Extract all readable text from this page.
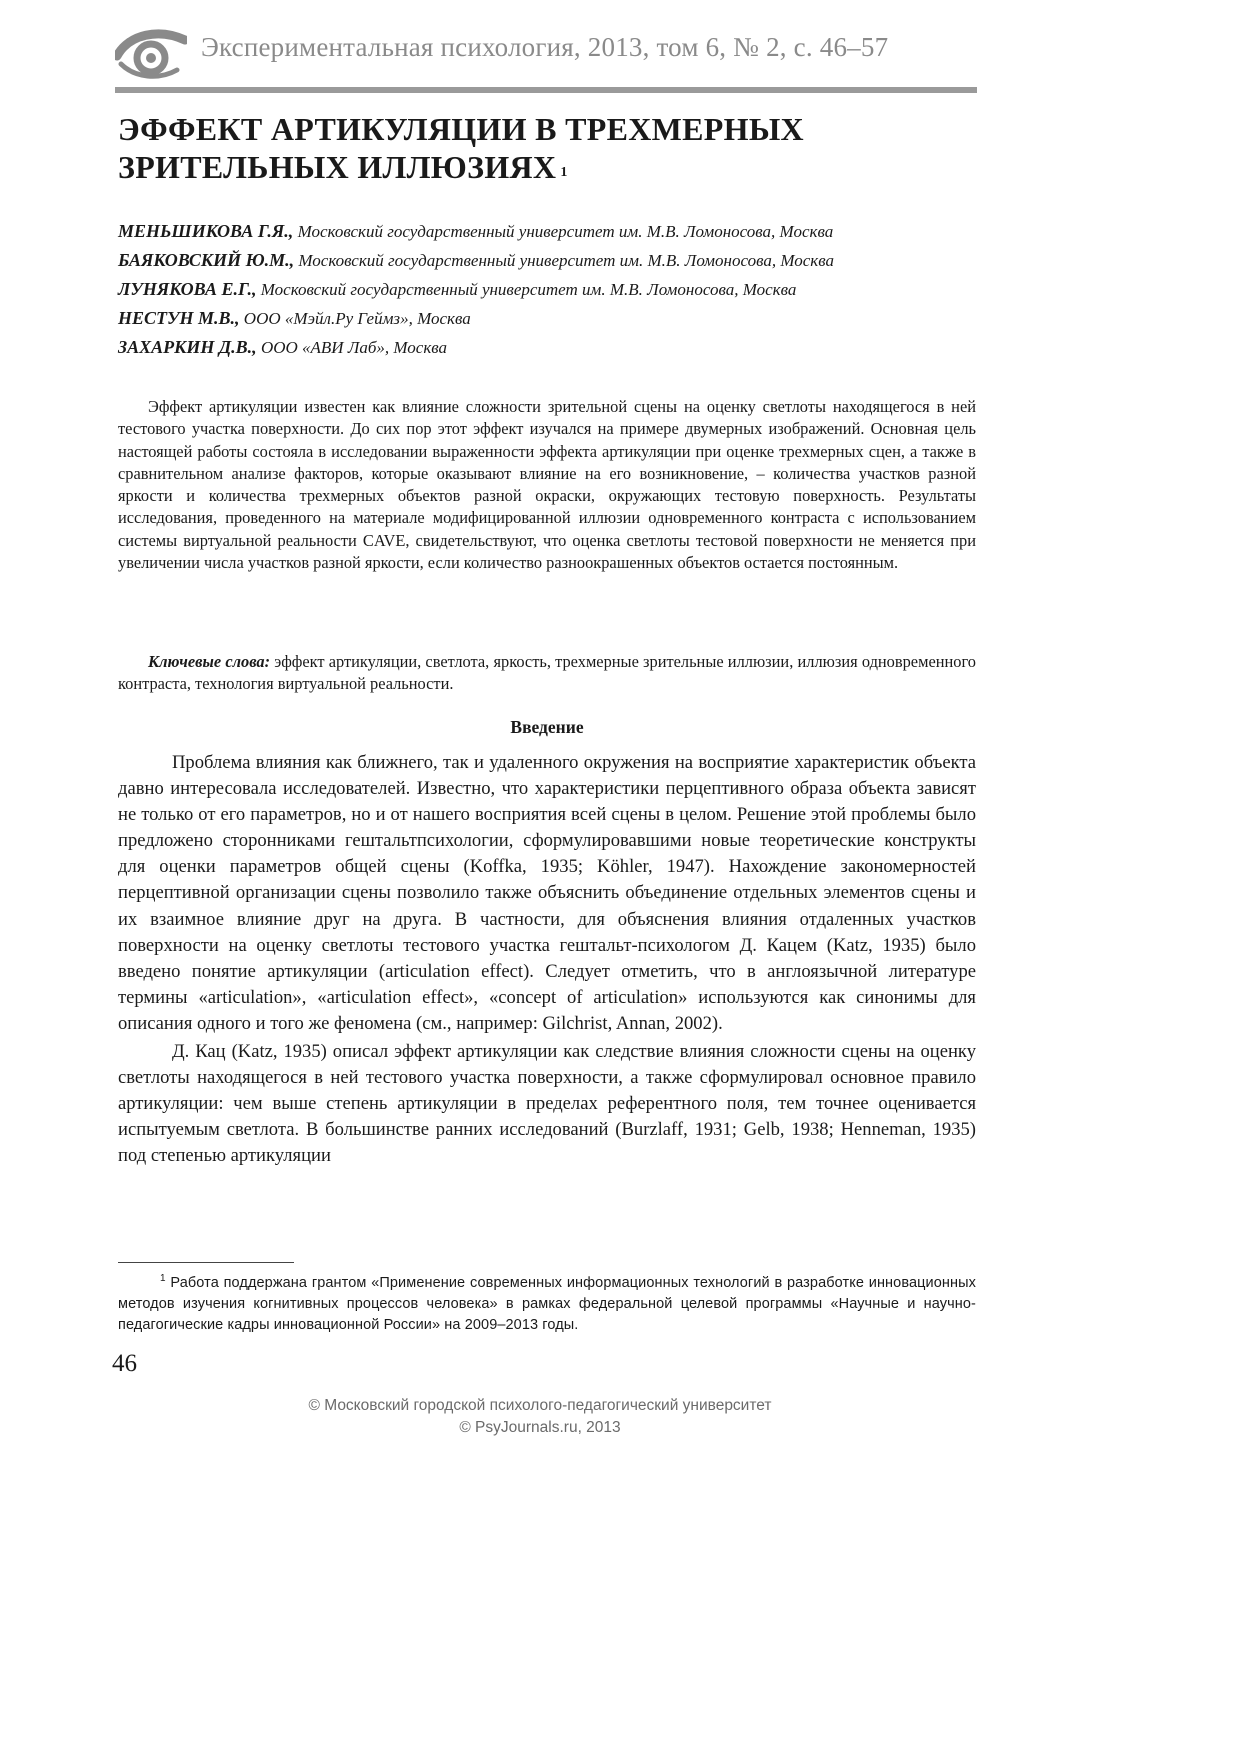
Экспериментальная психология, 2013, том 6, № 2, с. 46–57
ЭФФЕКТ АРТИКУЛЯЦИИ В ТРЕХМЕРНЫХ
ЗРИТЕЛЬНЫХ ИЛЛЮЗИЯХ $^1$
МЕНЬШИКОВА Г.Я., Московский государственный университет им. М.В. Ломоносова, Москва
БАЯКОВСКИЙ Ю.М., Московский государственный университет им. М.В. Ломоносова, Москва
ЛУНЯКОВА Е.Г., Московский государственный университет им. М.В. Ломоносова, Москва
НЕСТУН М.В., ООО «Мэйл.Ру Геймз», Москва
ЗАХАРКИН Д.В., ООО «АВИ Лаб», Москва

Эффект артикуляции известен как влияние сложности зрительной сцены на оценку светлоты находящегося в ней тестового участка поверхности. До сих пор этот эффект изучался на примере двумерных изображений. Основная цель настоящей работы состояла в исследовании выраженности эффекта артикуляции при оценке трехмерных сцен, а также в сравнительном анализе факторов, которые оказывают влияние на его возникновение, – количества участков разной яркости и количества трехмерных объектов разной окраски, окружающих тестовую поверхность. Результаты исследования, проведенного на материале модифицированной иллюзии одновременного контраста с использованием системы виртуальной реальности CAVE, свидетельствуют, что оценка светлоты тестовой поверхности не меняется при увеличении числа участков разной яркости, если количество разноокрашенных объектов остается постоянным.

Ключевые слова: эффект артикуляции, светлота, яркость, трехмерные зрительные иллюзии, иллюзия одновременного контраста, технология виртуальной реальности.

Введение

Проблема влияния как ближнего, так и удаленного окружения на восприятие характеристик объекта давно интересовала исследователей. Известно, что характеристики перцептивного образа объекта зависят не только от его параметров, но и от нашего восприятия всей сцены в целом. Решение этой проблемы было предложено сторонниками гештальтпсихологии, сформулировавшими новые теоретические конструкты для оценки параметров общей сцены (Koffka, 1935; Köhler, 1947). Нахождение закономерностей перцептивной организации сцены позволило также объяснить объединение отдельных элементов сцены и их взаимное влияние друг на друга. В частности, для объяснения влияния отдаленных участков поверхности на оценку светлоты тестового участка гештальт-психологом Д. Кацем (Katz, 1935) было введено понятие артикуляции (articulation effect). Следует отметить, что в англоязычной литературе термины «articulation», «articulation effect», «concept of articulation» используются как синонимы для описания одного и того же феномена (см., например: Gilchrist, Annan, 2002).

Д. Кац (Katz, 1935) описал эффект артикуляции как следствие влияния сложности сцены на оценку светлоты находящегося в ней тестового участка поверхности, а также сформулировал основное правило артикуляции: чем выше степень артикуляции в пределах референтного поля, тем точнее оценивается испытуемым светлота. В большинстве ранних исследований (Burzlaff, 1931; Gelb, 1938; Henneman, 1935) под степенью артикуляции

$^1$ Работа поддержана грантом «Применение современных информационных технологий в разработке инновационных методов изучения когнитивных процессов человека» в рамках федеральной целевой программы «Научные и научно-педагогические кадры инновационной России» на 2009–2013 годы.

46
© Московский городской психолого-педагогический университет
© PsyJournals.ru, 2013
